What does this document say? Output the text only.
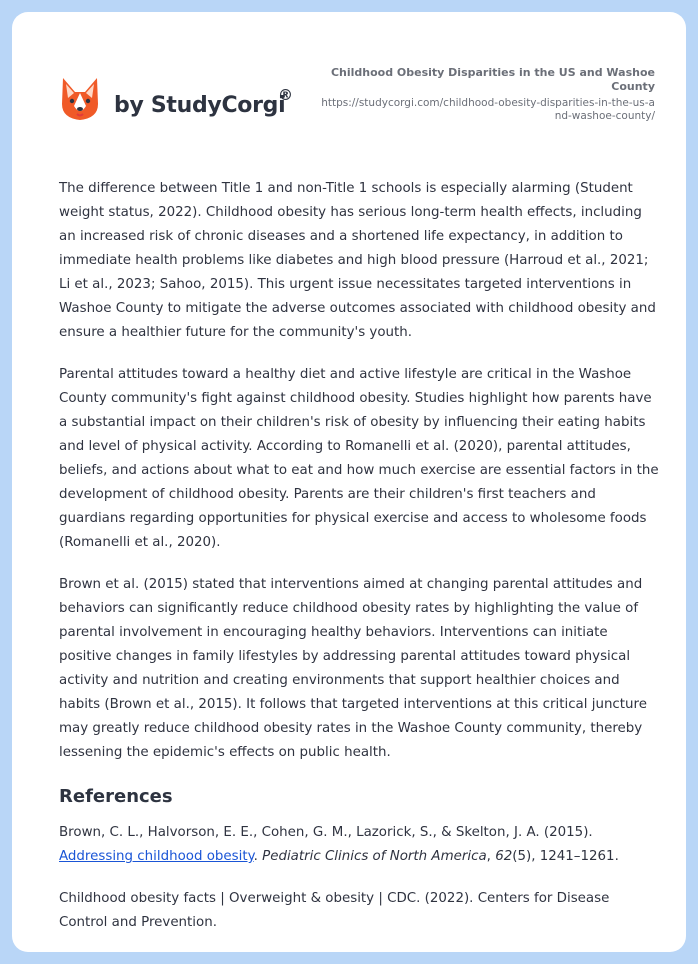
by StudyCorgi
®
Childhood Obesity Disparities in the US and Washoe County
https://studycorgi.com/childhood-obesity-disparities-in-the-us-and-washoe-county/

The difference between Title 1 and non-Title 1 schools is especially alarming (Student weight status, 2022). Childhood obesity has serious long-term health effects, including an increased risk of chronic diseases and a shortened life expectancy, in addition to immediate health problems like diabetes and high blood pressure (Harroud et al., 2021; Li et al., 2023; Sahoo, 2015). This urgent issue necessitates targeted interventions in Washoe County to mitigate the adverse outcomes associated with childhood obesity and ensure a healthier future for the community's youth.

Parental attitudes toward a healthy diet and active lifestyle are critical in the Washoe County community's fight against childhood obesity. Studies highlight how parents have a substantial impact on their children's risk of obesity by influencing their eating habits and level of physical activity. According to Romanelli et al. (2020), parental attitudes, beliefs, and actions about what to eat and how much exercise are essential factors in the development of childhood obesity. Parents are their children's first teachers and guardians regarding opportunities for physical exercise and access to wholesome foods (Romanelli et al., 2020).

Brown et al. (2015) stated that interventions aimed at changing parental attitudes and behaviors can significantly reduce childhood obesity rates by highlighting the value of parental involvement in encouraging healthy behaviors. Interventions can initiate positive changes in family lifestyles by addressing parental attitudes toward physical activity and nutrition and creating environments that support healthier choices and habits (Brown et al., 2015). It follows that targeted interventions at this critical juncture may greatly reduce childhood obesity rates in the Washoe County community, thereby lessening the epidemic's effects on public health.

References
Brown, C. L., Halvorson, E. E., Cohen, G. M., Lazorick, S., & Skelton, J. A. (2015). Addressing childhood obesity. Pediatric Clinics of North America, 62(5), 1241–1261.
Childhood obesity facts | Overweight & obesity | CDC. (2022). Centers for Disease Control and Prevention.
